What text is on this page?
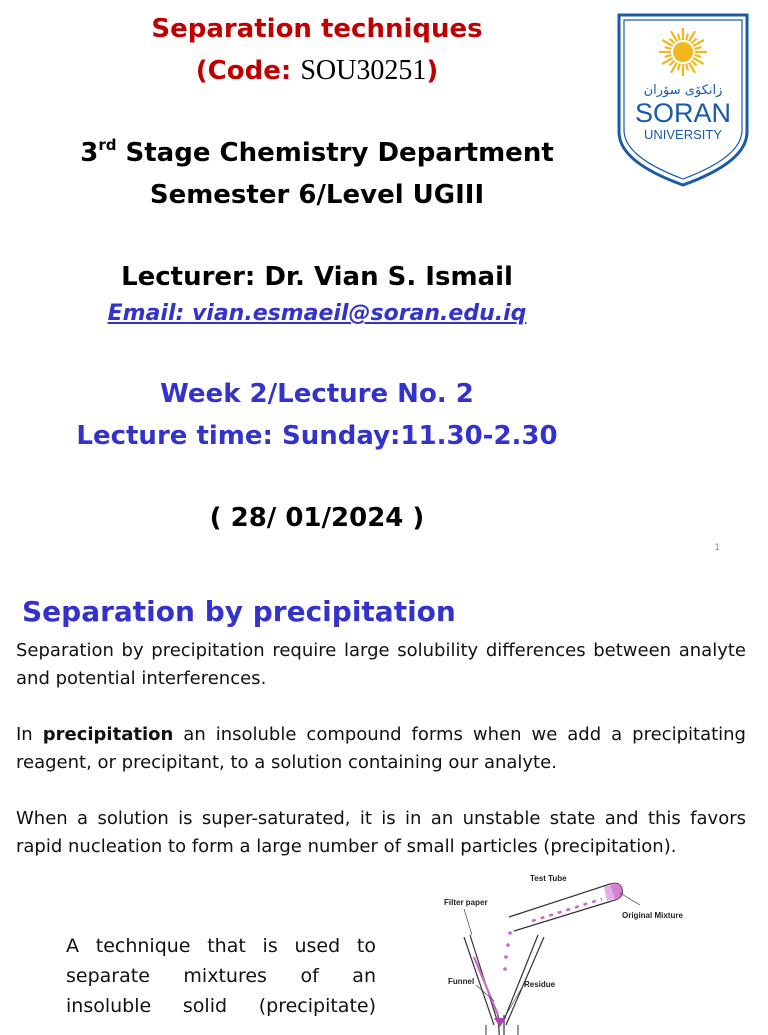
Separation techniques
(Code: SOU30251)
3rd Stage Chemistry Department
Semester 6/Level UGIII
Lecturer: Dr. Vian S. Ismail
Email: vian.esmaeil@soran.edu.iq
Week 2/Lecture No. 2
Lecture time: Sunday:11.30-2.30
( 28/ 01/2024 )
1
زانکۆی سۆران
SORAN
UNIVERSITY
Separation by precipitation
Separation by precipitation require large solubility differences between analyte and potential interferences.
In precipitation an insoluble compound forms when we add a precipitating reagent, or precipitant, to a solution containing our analyte.
When a solution is super-saturated, it is in an unstable state and this favors rapid nucleation to form a large number of small particles (precipitation).
A technique that is used to separate mixtures of an insoluble solid (precipitate)
Test Tube
Filter paper
Original Mixture
Funnel	Residue
